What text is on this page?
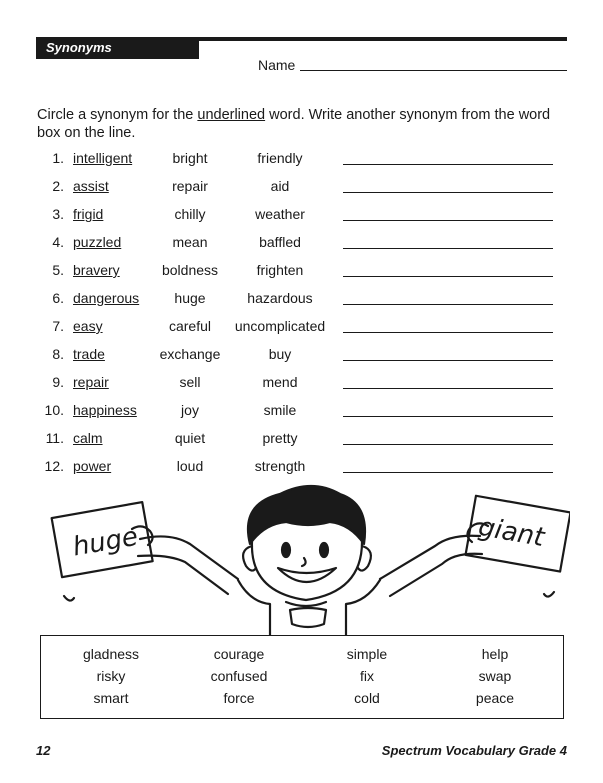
Synonyms
Name
Circle a synonym for the underlined word. Write another synonym from the word box on the line.
1. intelligent	bright	friendly
2. assist	repair	aid
3. frigid	chilly	weather
4. puzzled	mean	baffled
5. bravery	boldness	frighten
6. dangerous	huge	hazardous
7. easy	careful	uncomplicated
8. trade	exchange	buy
9. repair	sell	mend
10. happiness	joy	smile
11. calm	quiet	pretty
12. power	loud	strength
huge	giant
gladness	courage	simple	help
risky	confused	fix	swap
smart	force	cold	peace
12	Spectrum Vocabulary Grade 4
